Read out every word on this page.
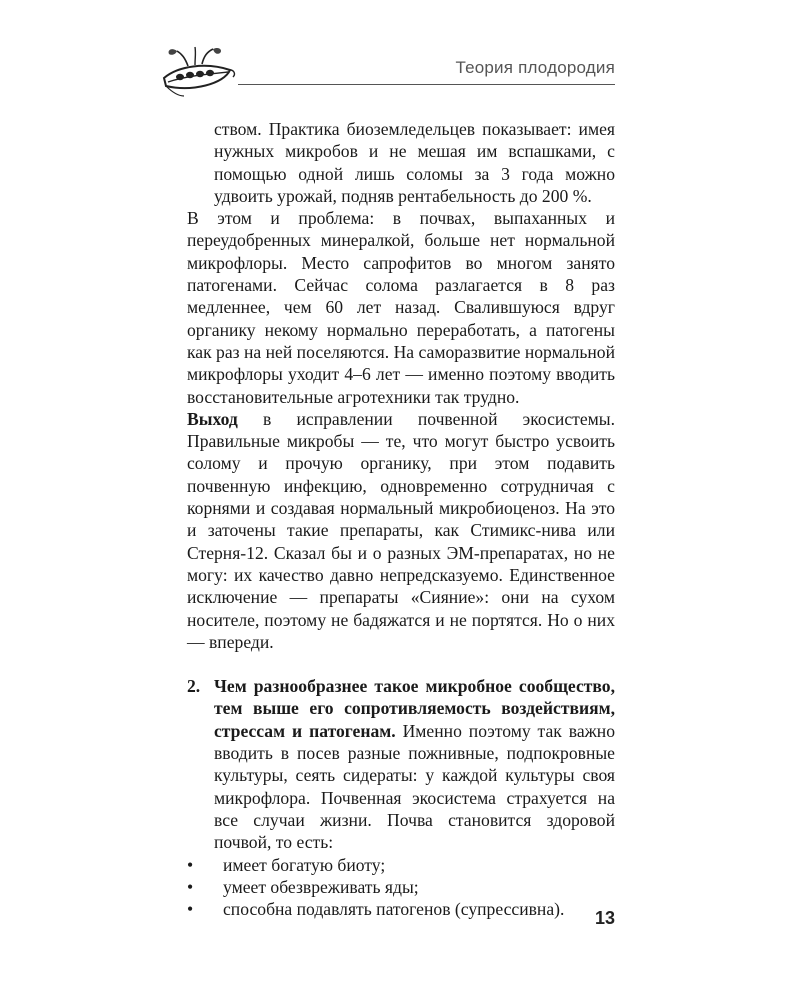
Теория плодородия

ством. Практика биоземледельцев показывает: имея нужных микробов и не мешая им вспашками, с помощью одной лишь соломы за 3 года можно удвоить урожай, подняв рентабельность до 200 %.

В этом и проблема: в почвах, выпаханных и переудобренных минералкой, больше нет нормальной микрофлоры. Место сапрофитов во многом занято патогенами. Сейчас солома разлагается в 8 раз медленнее, чем 60 лет назад. Свалившуюся вдруг органику некому нормально переработать, а патогены как раз на ней поселяются. На саморазвитие нормальной микрофлоры уходит 4–6 лет — именно поэтому вводить восстановительные агротехники так трудно.

Выход в исправлении почвенной экосистемы. Правильные микробы — те, что могут быстро усвоить солому и прочую органику, при этом подавить почвенную инфекцию, одновременно сотрудничая с корнями и создавая нормальный микробиоценоз. На это и заточены такие препараты, как Стимикс-нива или Стерня-12. Сказал бы и о разных ЭМ-препаратах, но не могу: их качество давно непредсказуемо. Единственное исключение — препараты «Сияние»: они на сухом носителе, поэтому не бадяжатся и не портятся. Но о них — впереди.

2. Чем разнообразнее такое микробное сообщество, тем выше его сопротивляемость воздействиям, стрессам и патогенам. Именно поэтому так важно вводить в посев разные пожнивные, подпокровные культуры, сеять сидераты: у каждой культуры своя микрофлора. Почвенная экосистема страхуется на все случаи жизни. Почва становится здоровой почвой, то есть:

• имеет богатую биоту;
• умеет обезвреживать яды;
• способна подавлять патогенов (супрессивна).	13
